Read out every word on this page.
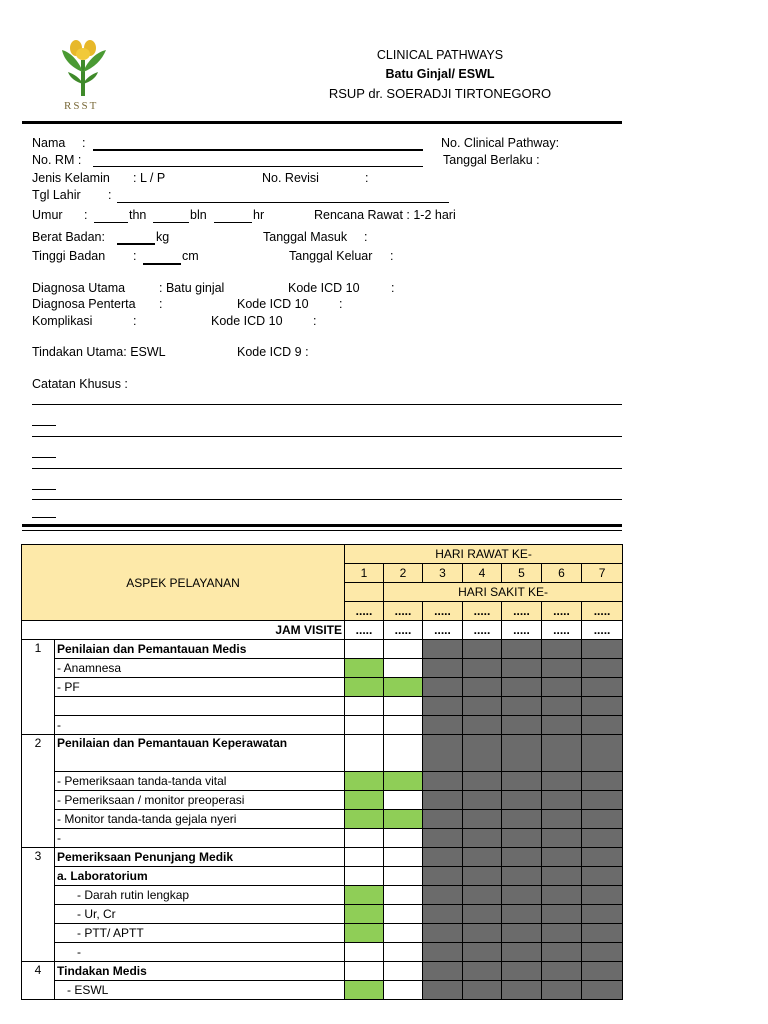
RSST
CLINICAL PATHWAYS
Batu Ginjal/ ESWL
RSUP dr. SOERADJI TIRTONEGORO
Nama :	No. Clinical Pathway:
No. RM :	Tanggal Berlaku :
Jenis Kelamin : L / P	No. Revisi	:
Tgl Lahir :
Umur :	thn	bln	hr	Rencana Rawat : 1-2 hari
Berat Badan:	kg	Tanggal Masuk :
Tinggi Badan :	cm	Tanggal Keluar :
Diagnosa Utama	: Batu ginjal	Kode ICD 10	:
Diagnosa Penterta :	Kode ICD 10 :
Komplikasi	:	Kode ICD 10 :
Tindakan Utama: ESWL	Kode ICD 9 :
Catatan Khusus :
ASPEK PELAYANAN		HARI RAWAT KE-						
		1	2	3	4	5	6	7
			HARI SAKIT KE-					
		.....	.....	.....	.....	.....	.....	.....
JAM VISITE		.....	.....	.....	.....	.....	.....	.....
1	Penilaian dan Pemantauan Medis							
	- Anamnesa							
	- PF							

	-							
2	Penilaian dan Pemantauan Keperawatan							
	- Pemeriksaan tanda-tanda vital							
	- Pemeriksaan / monitor preoperasi							
	- Monitor tanda-tanda gejala nyeri							
	-							
3	Pemeriksaan Penunjang Medik							
	a. Laboratorium							
	- Darah rutin lengkap							
	- Ur, Cr							
	- PTT/ APTT							
	-							
4	Tindakan Medis							
	- ESWL							
